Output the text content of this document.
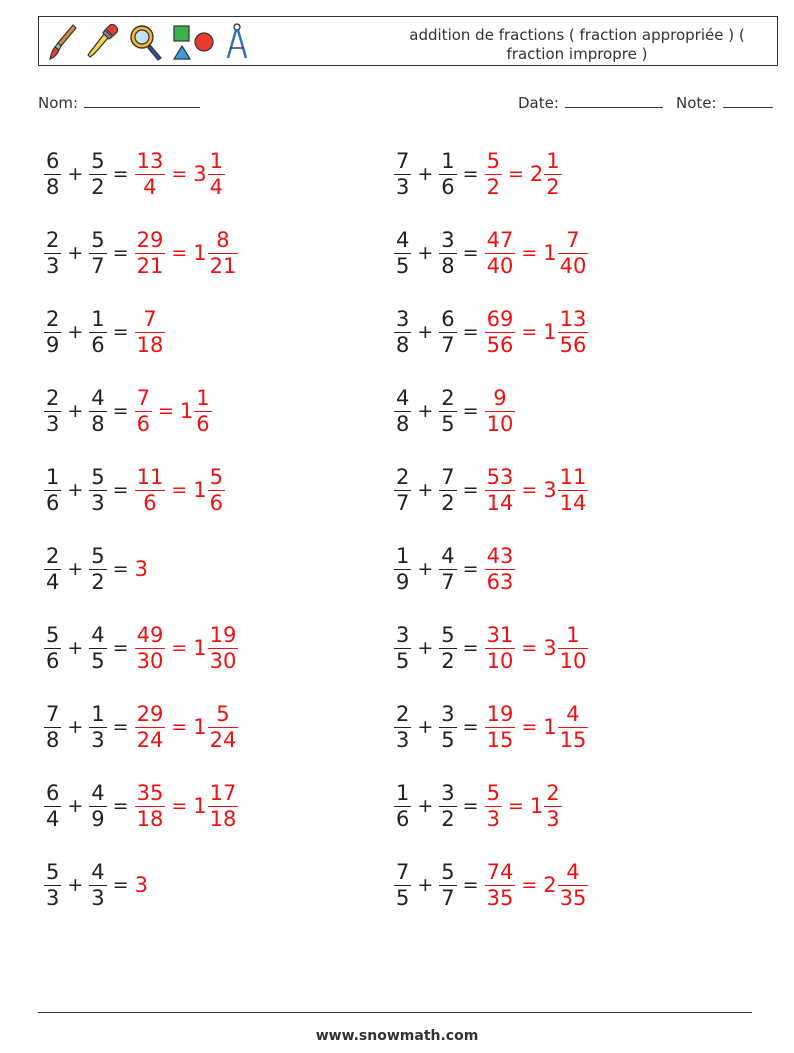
addition de fractions ( fraction appropriée ) ( fraction impropre )
Nom:	Date:	Note:
$\frac{6}{8} + \frac{5}{2} = \frac{13}{4} = 3 \frac{1}{4}$	$\frac{7}{3} + \frac{1}{6} = \frac{5}{2} = 2 \frac{1}{2}$
$\frac{2}{3} + \frac{5}{7} = \frac{29}{21} = 1 \frac{8}{21}$	$\frac{4}{5} + \frac{3}{8} = \frac{47}{40} = 1 \frac{7}{40}$
$\frac{2}{9} + \frac{1}{6} = \frac{7}{18}$	$\frac{3}{8} + \frac{6}{7} = \frac{69}{56} = 1 \frac{13}{56}$
$\frac{2}{3} + \frac{4}{8} = \frac{7}{6} = 1 \frac{1}{6}$	$\frac{4}{8} + \frac{2}{5} = \frac{9}{10}$
$\frac{1}{6} + \frac{5}{3} = \frac{11}{6} = 1 \frac{5}{6}$	$\frac{2}{7} + \frac{7}{2} = \frac{53}{14} = 3 \frac{11}{14}$
$\frac{2}{4} + \frac{5}{2} = 3$	$\frac{1}{9} + \frac{4}{7} = \frac{43}{63}$
$\frac{5}{6} + \frac{4}{5} = \frac{49}{30} = 1 \frac{19}{30}$	$\frac{3}{5} + \frac{5}{2} = \frac{31}{10} = 3 \frac{1}{10}$
$\frac{7}{8} + \frac{1}{3} = \frac{29}{24} = 1 \frac{5}{24}$	$\frac{2}{3} + \frac{3}{5} = \frac{19}{15} = 1 \frac{4}{15}$
$\frac{6}{4} + \frac{4}{9} = \frac{35}{18} = 1 \frac{17}{18}$	$\frac{1}{6} + \frac{3}{2} = \frac{5}{3} = 1 \frac{2}{3}$
$\frac{5}{3} + \frac{4}{3} = 3$	$\frac{7}{5} + \frac{5}{7} = \frac{74}{35} = 2 \frac{4}{35}$
www.snowmath.com
